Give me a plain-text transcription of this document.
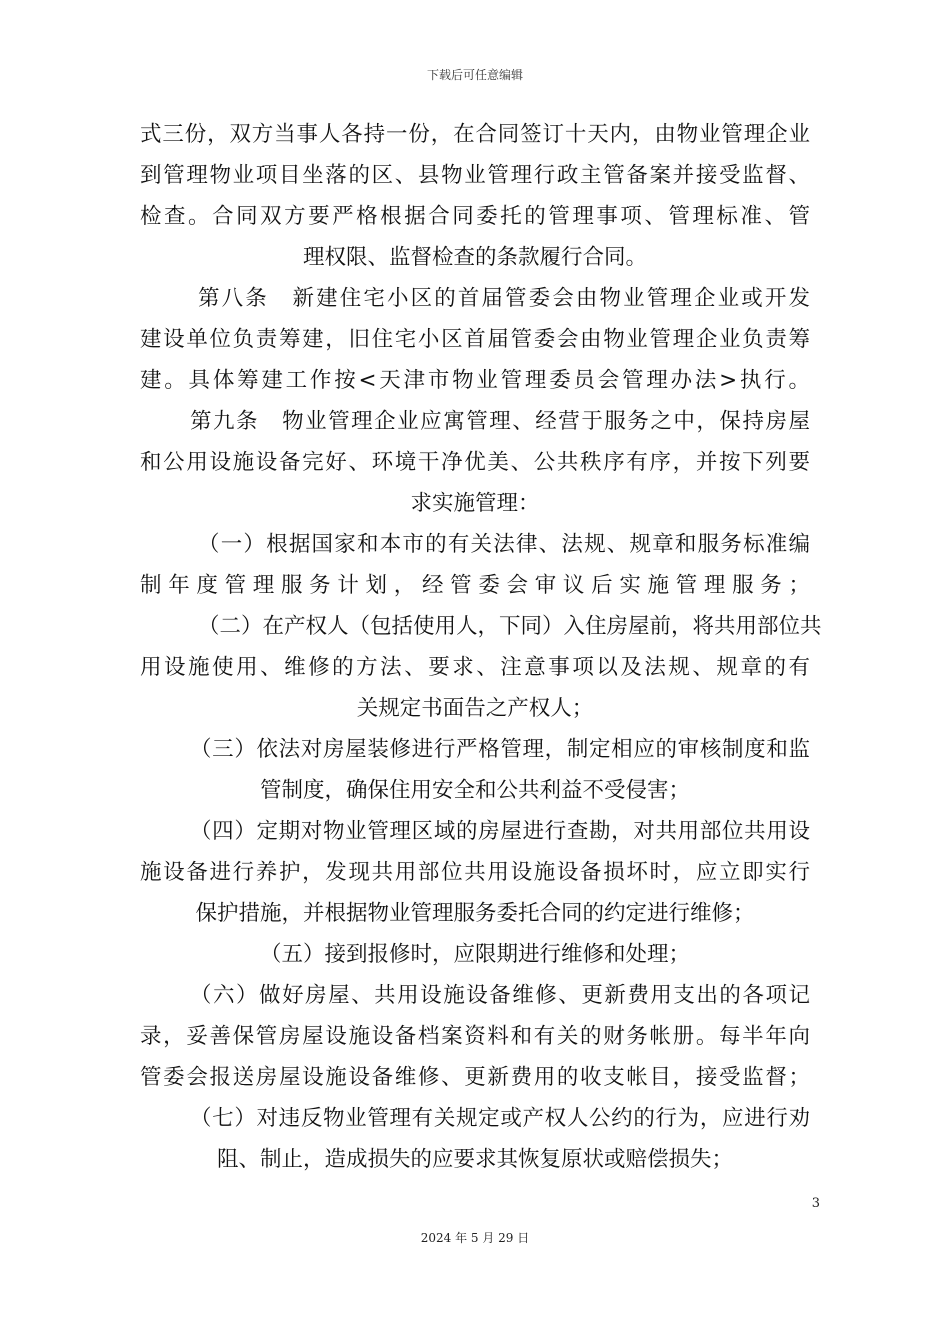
下载后可任意编辑
式三份，双方当事人各持一份，在合同签订十天内，由物业管理企业
到管理物业项目坐落的区、县物业管理行政主管备案并接受监督、
检查。合同双方要严格根据合同委托的管理事项、管理标准、管
理权限、监督检查的条款履行合同。
第八条　新建住宅小区的首届管委会由物业管理企业或开发
建设单位负责筹建，旧住宅小区首届管委会由物业管理企业负责筹
建。具体筹建工作按<天津市物业管理委员会管理办法>执行。
第九条　物业管理企业应寓管理、经营于服务之中，保持房屋
和公用设施设备完好、环境干净优美、公共秩序有序，并按下列要
求实施管理：
（一）根据国家和本市的有关法律、法规、规章和服务标准编
制年度管理服务计划，经管委会审议后实施管理服务；
（二）在产权人（包括使用人，下同）入住房屋前，将共用部位共
用设施使用、维修的方法、要求、注意事项以及法规、规章的有
关规定书面告之产权人；
（三）依法对房屋装修进行严格管理，制定相应的审核制度和监
管制度，确保住用安全和公共利益不受侵害；
（四）定期对物业管理区域的房屋进行查勘，对共用部位共用设
施设备进行养护，发现共用部位共用设施设备损坏时，应立即实行
保护措施，并根据物业管理服务委托合同的约定进行维修；
（五）接到报修时，应限期进行维修和处理；
（六）做好房屋、共用设施设备维修、更新费用支出的各项记
录，妥善保管房屋设施设备档案资料和有关的财务帐册。每半年向
管委会报送房屋设施设备维修、更新费用的收支帐目，接受监督；
（七）对违反物业管理有关规定或产权人公约的行为，应进行劝
阻、制止，造成损失的应要求其恢复原状或赔偿损失；
3
2024 年 5 月 29 日
